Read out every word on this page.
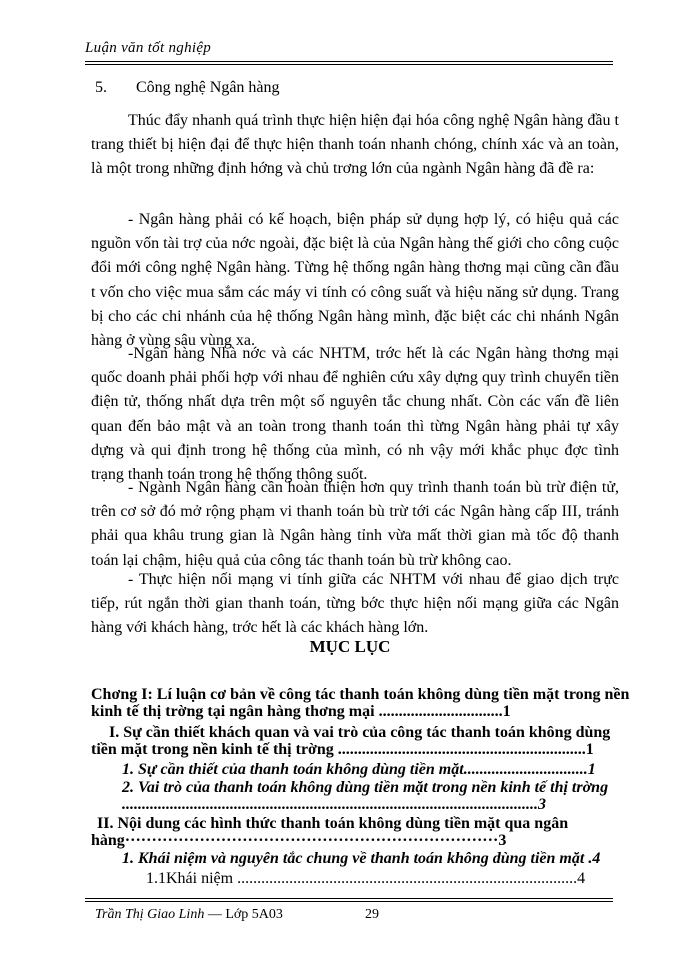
Luận văn tốt nghiệp
5. Công nghệ Ngân hàng

Thúc đẩy nhanh quá trình thực hiện hiện đại hóa công nghệ Ngân hàng đầu t trang thiết bị hiện đại để thực hiện thanh toán nhanh chóng, chính xác và an toàn, là một trong những định hớng và chủ trơng lớn của ngành Ngân hàng đã đề ra:

- Ngân hàng phải có kế hoạch, biện pháp sử dụng hợp lý, có hiệu quả các nguồn vốn tài trợ của nớc ngoài, đặc biệt là của Ngân hàng thế giới cho công cuộc đổi mới công nghệ Ngân hàng. Từng hệ thống ngân hàng thơng mại cũng cần đầu t vốn cho việc mua sắm các máy vi tính có công suất và hiệu năng sử dụng. Trang bị cho các chi nhánh của hệ thống Ngân hàng mình, đặc biệt các chi nhánh Ngân hàng ở vùng sâu vùng xa.

-Ngân hàng Nhà nớc và các NHTM, trớc hết là các Ngân hàng thơng mại quốc doanh phải phối hợp với nhau để nghiên cứu xây dựng quy trình chuyển tiền điện tử, thống nhất dựa trên một số nguyên tắc chung nhất. Còn các vấn đề liên quan đến bảo mật và an toàn trong thanh toán thì từng Ngân hàng phải tự xây dựng và qui định trong hệ thống của mình, có nh vậy mới khắc phục đợc tình trạng thanh toán trong hệ thống thông suốt.

- Ngành Ngân hàng cần hoàn thiện hơn quy trình thanh toán bù trừ điện tử, trên cơ sở đó mở rộng phạm vi thanh toán bù trừ tới các Ngân hàng cấp III, tránh phải qua khâu trung gian là Ngân hàng tỉnh vừa mất thời gian mà tốc độ thanh toán lại chậm, hiệu quả của công tác thanh toán bù trừ không cao.

- Thực hiện nối mạng vi tính giữa các NHTM với nhau để giao dịch trực tiếp, rút ngắn thời gian thanh toán, từng bớc thực hiện nối mạng giữa các Ngân hàng với khách hàng, trớc hết là các khách hàng lớn.

MỤC LỤC

Chơng I: Lí luận cơ bản về công tác thanh toán không dùng tiền mặt trong nền kinh tế thị trờng tại ngân hàng thơng mại ...............................1

I. Sự cần thiết khách quan và vai trò của công tác thanh toán không dùng tiền mặt trong nền kinh tế thị trờng ..............................................................1

1. Sự cần thiết của thanh toán không dùng tiền mặt...............................1

2. Vai trò của thanh toán không dùng tiền mặt trong nền kinh tế thị trờng ........................................................................................................3

II. Nội dung các hình thức thanh toán không dùng tiền mặt qua ngân hàng······································································3

1. Khái niệm và nguyên tắc chung về thanh toán không dùng tiền mặt .4

1.1Khái niệm .....................................................................................4

Trần Thị Giao Linh — Lớp 5A03	29
